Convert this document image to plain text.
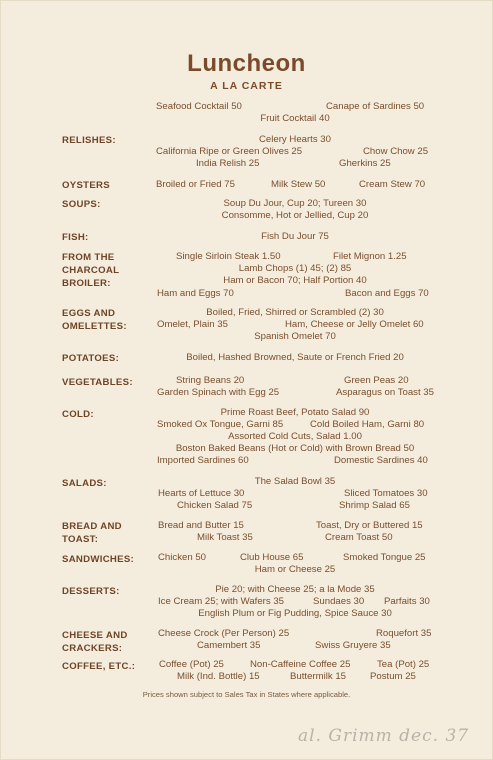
Luncheon
A LA CARTE
Seafood Cocktail 50	Canape of Sardines 50
Fruit Cocktail 40
RELISHES:	Celery Hearts 30
California Ripe or Green Olives 25	Chow Chow 25
India Relish 25	Gherkins 25
OYSTERS	Broiled or Fried 75	Milk Stew 50	Cream Stew 70
SOUPS:	Soup Du Jour, Cup 20; Tureen 30
Consomme, Hot or Jellied, Cup 20
FISH:	Fish Du Jour 75
FROM THE
CHARCOAL
BROILER:
Single Sirloin Steak 1.50	Filet Mignon 1.25
Lamb Chops (1) 45; (2) 85
Ham or Bacon 70; Half Portion 40
Ham and Eggs 70	Bacon and Eggs 70
EGGS AND
OMELETTES:
Boiled, Fried, Shirred or Scrambled (2) 30
Omelet, Plain 35	Ham, Cheese or Jelly Omelet 60
Spanish Omelet 70
POTATOES:	Boiled, Hashed Browned, Saute or French Fried 20
VEGETABLES:	String Beans 20	Green Peas 20
Garden Spinach with Egg 25	Asparagus on Toast 35
COLD:	Prime Roast Beef, Potato Salad 90
Smoked Ox Tongue, Garni 85	Cold Boiled Ham, Garni 80
Assorted Cold Cuts, Salad 1.00
Boston Baked Beans (Hot or Cold) with Brown Bread 50
Imported Sardines 60	Domestic Sardines 40
SALADS:	The Salad Bowl 35
Hearts of Lettuce 30	Sliced Tomatoes 30
Chicken Salad 75	Shrimp Salad 65
BREAD AND
TOAST:
Bread and Butter 15	Toast, Dry or Buttered 15
Milk Toast 35	Cream Toast 50
SANDWICHES: Chicken 50	Club House 65	Smoked Tongue 25
Ham or Cheese 25
DESSERTS:	Pie 20; with Cheese 25; a la Mode 35
Ice Cream 25; with Wafers 35	Sundaes 30 Parfaits 30
English Plum or Fig Pudding, Spice Sauce 30
CHEESE AND
CRACKERS:
Cheese Crock (Per Person) 25	Roquefort 35
Camembert 35	Swiss Gruyere 35
COFFEE, ETC.: Coffee (Pot) 25	Non-Caffeine Coffee 25	Tea (Pot) 25
Milk (Ind. Bottle) 15	Buttermilk 15	Postum 25
Prices shown subject to Sales Tax in States where applicable.
al. Grimm dec. 37
